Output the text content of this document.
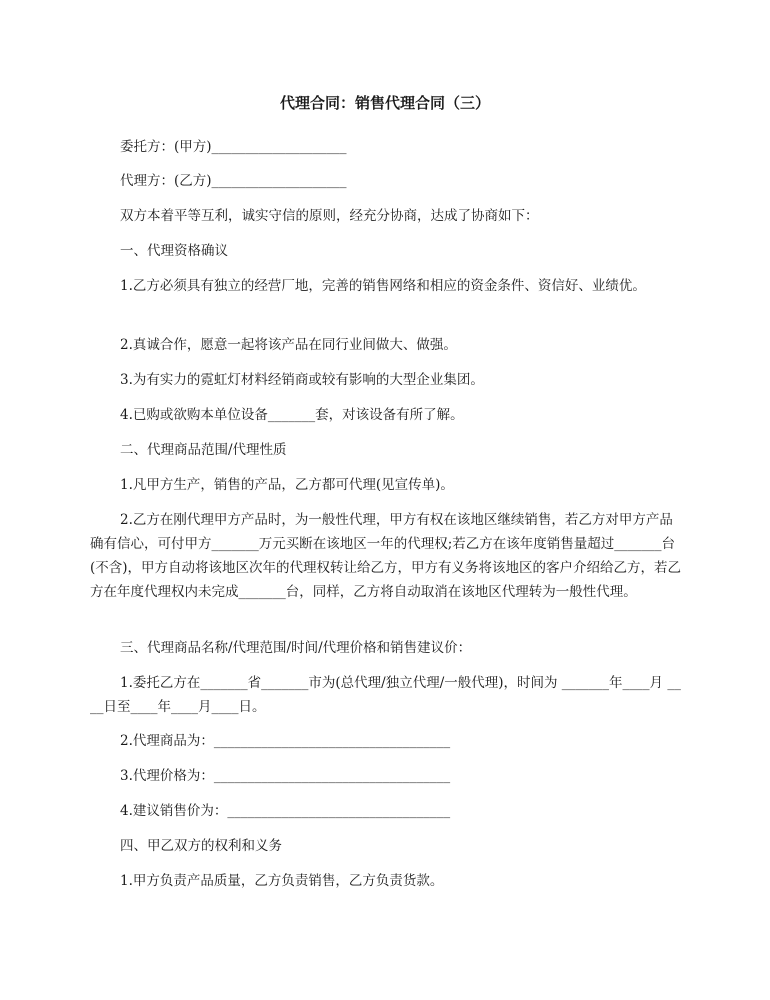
代理合同：销售代理合同（三）

委托方：(甲方)____________________

代理方：(乙方)____________________

双方本着平等互利，诚实守信的原则，经充分协商，达成了协商如下：

一、代理资格确议

1.乙方必须具有独立的经营厂地，完善的销售网络和相应的资金条件、资信好、业绩优。

2.真诚合作，愿意一起将该产品在同行业间做大、做强。

3.为有实力的霓虹灯材料经销商或较有影响的大型企业集团。

4.已购或欲购本单位设备_______套，对该设备有所了解。

二、代理商品范围/代理性质

1.凡甲方生产，销售的产品，乙方都可代理(见宣传单)。

2.乙方在刚代理甲方产品时，为一般性代理，甲方有权在该地区继续销售，若乙方对甲方产品确有信心，可付甲方_______万元买断在该地区一年的代理权;若乙方在该年度销售量超过_______台(不含)，甲方自动将该地区次年的代理权转让给乙方，甲方有义务将该地区的客户介绍给乙方，若乙方在年度代理权内未完成_______台，同样，乙方将自动取消在该地区代理转为一般性代理。

三、代理商品名称/代理范围/时间/代理价格和销售建议价：

1.委托乙方在_______省_______市为(总代理/独立代理/一般代理)，时间为 _______年____月 ____日至____年____月____日。

2.代理商品为：___________________________________

3.代理价格为：___________________________________

4.建议销售价为：_________________________________

四、甲乙双方的权利和义务

1.甲方负责产品质量，乙方负责销售，乙方负责货款。
